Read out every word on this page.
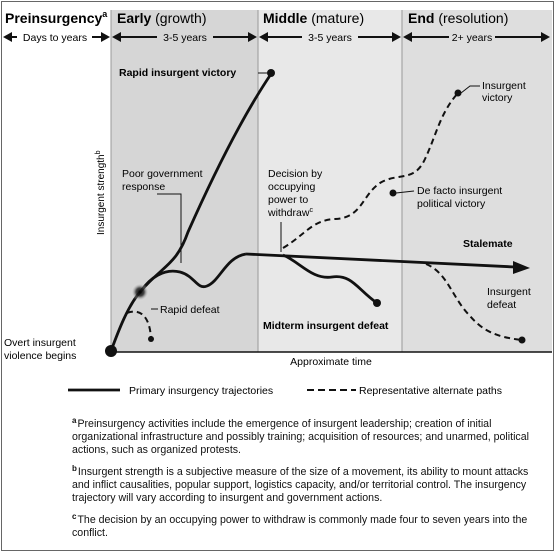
Preinsurgency$^a$ Early (growth)	Middle (mature)	End (resolution)
Days to years	3-5 years	3-5 years	2+ years
Insurgent strength$^b$
Approximate time
Rapid insurgent victory
Poor government response
Rapid defeat
Overt insurgent violence begins
Decision by occupying power to withdraw$^c$
Midterm insurgent defeat
Insurgent victory
De facto insurgent political victory
Stalemate
Insurgent defeat
Primary insurgency trajectories	Representative alternate paths
$^a$Preinsurgency activities include the emergence of insurgent leadership; creation of initial organizational infrastructure and possibly training; acquisition of resources; and unarmed, political actions, such as organized protests.
$^b$Insurgent strength is a subjective measure of the size of a movement, its ability to mount attacks and inflict causalities, popular support, logistics capacity, and/or territorial control. The insurgency trajectory will vary according to insurgent and government actions.
$^c$The decision by an occupying power to withdraw is commonly made four to seven years into the conflict.
